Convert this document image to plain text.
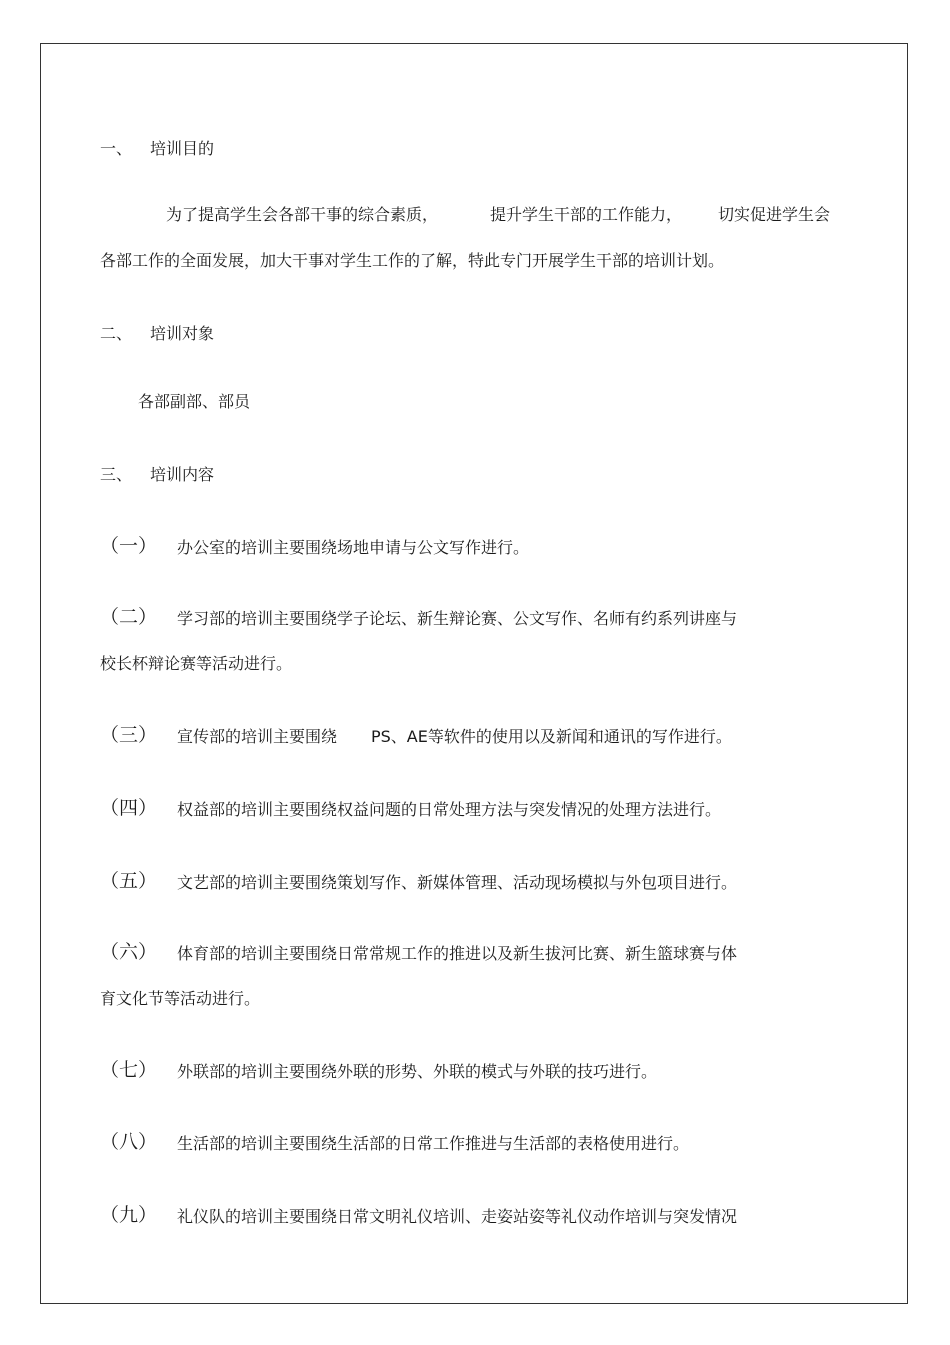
一、 培训目的
为了提高学生会各部干事的综合素质，	提升学生干部的工作能力， 切实促进学生会
各部工作的全面发展，加大干事对学生工作的了解，特此专门开展学生干部的培训计划。
二、 培训对象
各部副部、部员
三、 培训内容
（一） 办公室的培训主要围绕场地申请与公文写作进行。
（二） 学习部的培训主要围绕学子论坛、新生辩论赛、公文写作、名师有约系列讲座与
校长杯辩论赛等活动进行。
（三） 宣传部的培训主要围绕 PS、AE等软件的使用以及新闻和通讯的写作进行。
（四） 权益部的培训主要围绕权益问题的日常处理方法与突发情况的处理方法进行。
（五） 文艺部的培训主要围绕策划写作、新媒体管理、活动现场模拟与外包项目进行。
（六） 体育部的培训主要围绕日常常规工作的推进以及新生拔河比赛、新生篮球赛与体
育文化节等活动进行。
（七） 外联部的培训主要围绕外联的形势、外联的模式与外联的技巧进行。
（八） 生活部的培训主要围绕生活部的日常工作推进与生活部的表格使用进行。
（九） 礼仪队的培训主要围绕日常文明礼仪培训、走姿站姿等礼仪动作培训与突发情况
